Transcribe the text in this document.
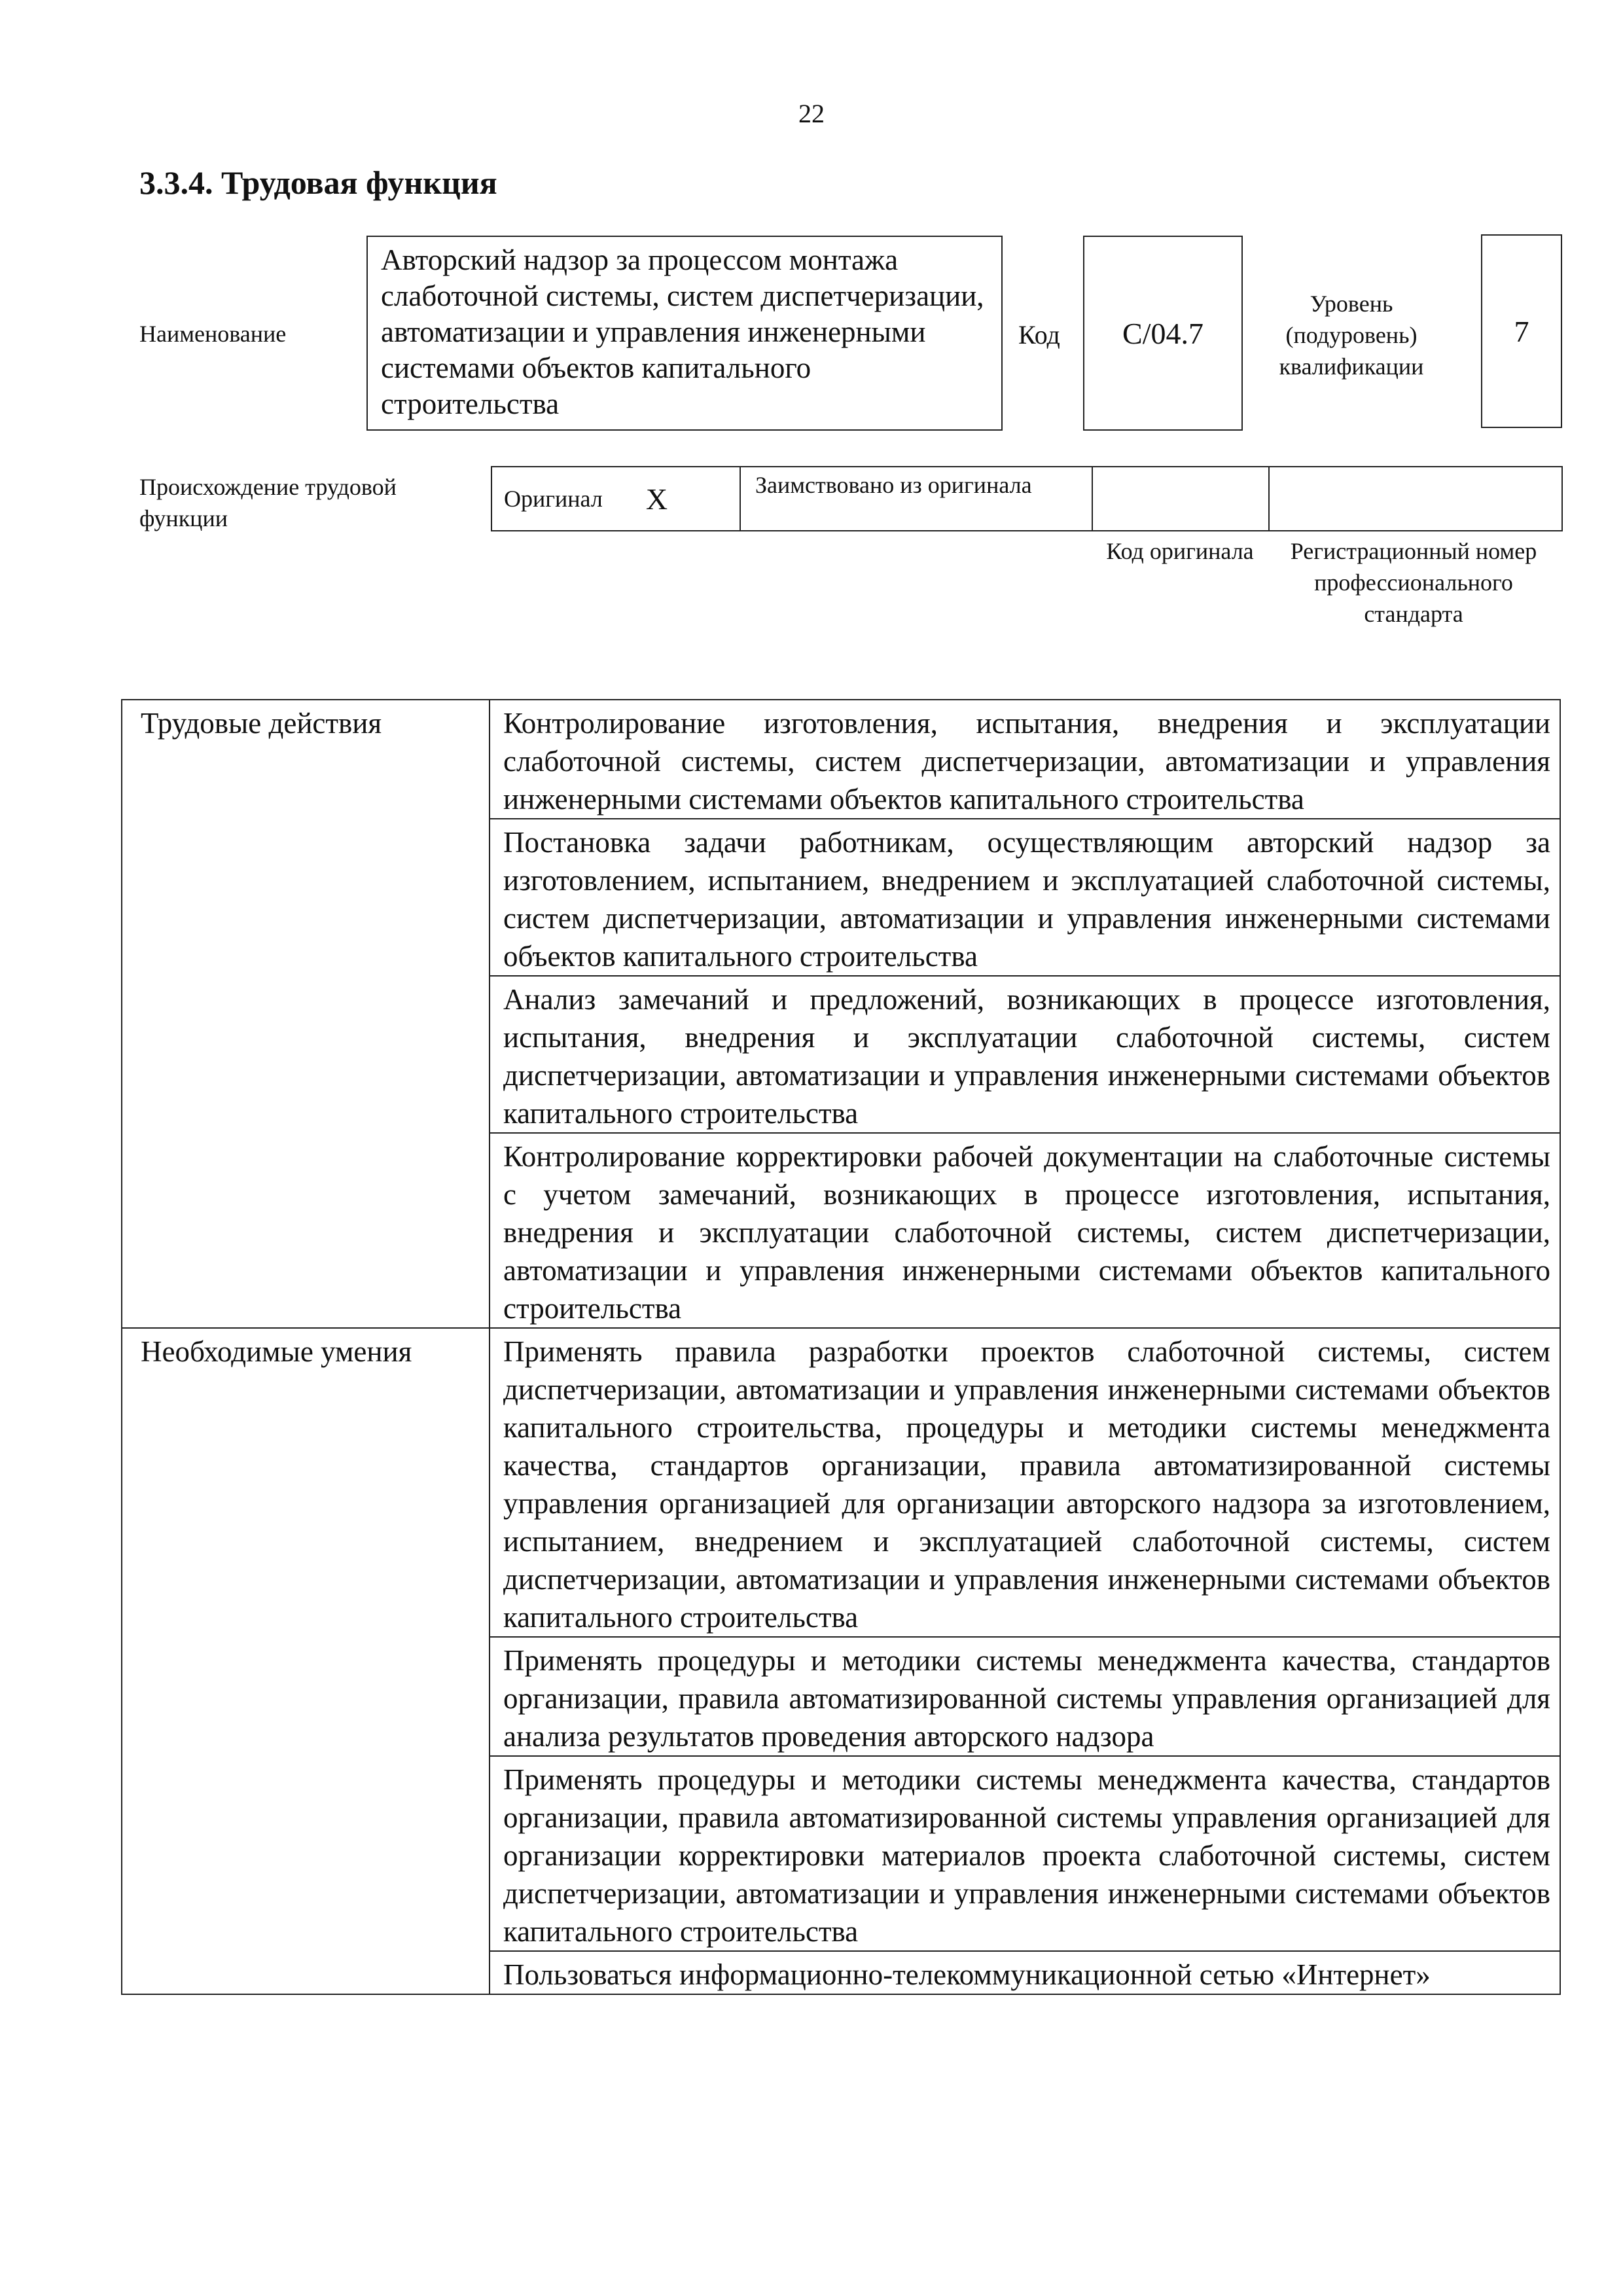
22
3.3.4. Трудовая функция
Наименование
Авторский надзор за процессом монтажа слаботочной системы, систем диспетчеризации, автоматизации и управления инженерными системами объектов капитального строительства
Код	С/04.7
Уровень (подуровень) квалификации
7
Происхождение трудовой функции
Оригинал Х	Заимствовано из оригинала
Код оригинала	Регистрационный номер профессионального стандарта
Трудовые действия	Контролирование изготовления, испытания, внедрения и эксплуатации слаботочной системы, систем диспетчеризации, автоматизации и управления инженерными системами объектов капитального строительства
	Постановка задачи работникам, осуществляющим авторский надзор за изготовлением, испытанием, внедрением и эксплуатацией слаботочной системы, систем диспетчеризации, автоматизации и управления инженерными системами объектов капитального строительства
	Анализ замечаний и предложений, возникающих в процессе изготовления, испытания, внедрения и эксплуатации слаботочной системы, систем диспетчеризации, автоматизации и управления инженерными системами объектов капитального строительства
	Контролирование корректировки рабочей документации на слаботочные системы с учетом замечаний, возникающих в процессе изготовления, испытания, внедрения и эксплуатации слаботочной системы, систем диспетчеризации, автоматизации и управления инженерными системами объектов капитального строительства
Необходимые умения	Применять правила разработки проектов слаботочной системы, систем диспетчеризации, автоматизации и управления инженерными системами объектов капитального строительства, процедуры и методики системы менеджмента качества, стандартов организации, правила автоматизированной системы управления организацией для организации авторского надзора за изготовлением, испытанием, внедрением и эксплуатацией слаботочной системы, систем диспетчеризации, автоматизации и управления инженерными системами объектов капитального строительства
	Применять процедуры и методики системы менеджмента качества, стандартов организации, правила автоматизированной системы управления организацией для анализа результатов проведения авторского надзора
	Применять процедуры и методики системы менеджмента качества, стандартов организации, правила автоматизированной системы управления организацией для организации корректировки материалов проекта слаботочной системы, систем диспетчеризации, автоматизации и управления инженерными системами объектов капитального строительства
	Пользоваться информационно-телекоммуникационной сетью «Интернет»
